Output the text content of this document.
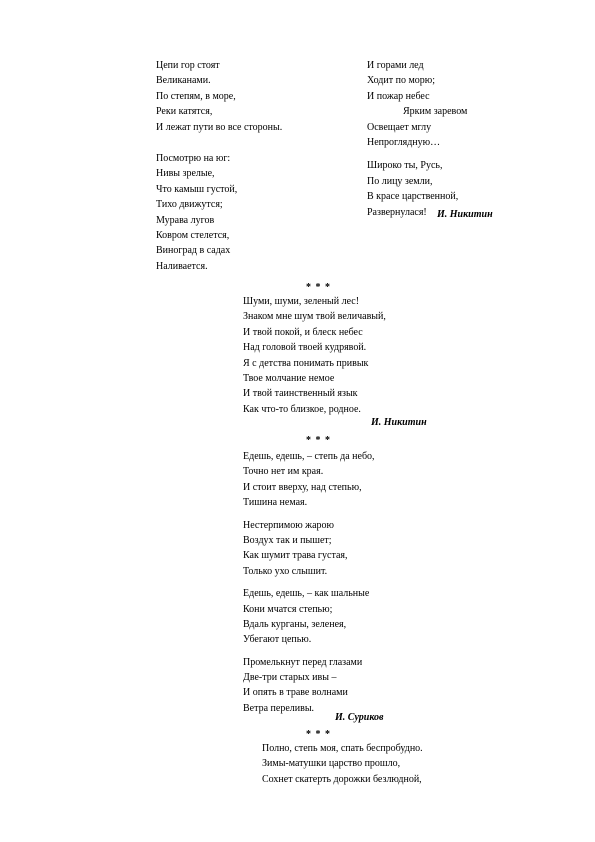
Цепи гор стоят
Великанами.
По степям, в море,
Реки катятся,
И лежат пути во все стороны.
Посмотрю на юг:
Нивы зрелые,
Что камыш густой,
Тихо движутся;
Мурава лугов
Ковром стелется,
Виноград в садах
Наливается.
И горами лед
Ходит по морю;
И пожар небес
Ярким заревом
Освещает мглу
Непроглядную…
Широко ты, Русь,
По лицу земли,
В красе царственной,
Развернулася!	И. Никитин
* * *
Шуми, шуми, зеленый лес!
Знаком мне шум твой величавый,
И твой покой, и блеск небес
Над головой твоей кудрявой.
Я с детства понимать привык
Твое молчание немое
И твой таинственный язык
Как что-то близкое, родное.
И. Никитин
* * *
Едешь, едешь, – степь да небо,
Точно нет им края.
И стоит вверху, над степью,
Тишина немая.
Нестерпимою жарою
Воздух так и пышет;
Как шумит трава густая,
Только ухо слышит.
Едешь, едешь, – как шальные
Кони мчатся степью;
Вдаль курганы, зеленея,
Убегают цепью.
Промелькнут перед глазами
Две-три старых ивы –
И опять в траве волнами
Ветра переливы.
И. Суриков
* * *
Полно, степь моя, спать беспробудно.
Зимы-матушки царство прошло,
Сохнет скатерть дорожки безлюдной,
